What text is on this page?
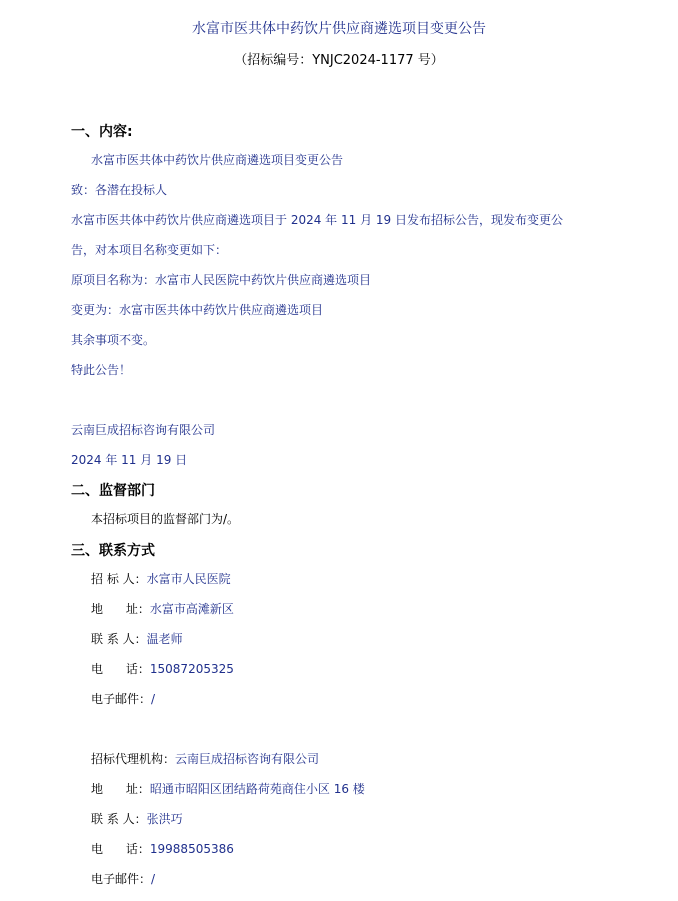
水富市医共体中药饮片供应商遴选项目变更公告
（招标编号：YNJC2024-1177 号）
一、内容:
水富市医共体中药饮片供应商遴选项目变更公告
致：各潜在投标人
水富市医共体中药饮片供应商遴选项目于 2024 年 11 月 19 日发布招标公告，现发布变更公
告，对本项目名称变更如下：
原项目名称为：水富市人民医院中药饮片供应商遴选项目
变更为：水富市医共体中药饮片供应商遴选项目
其余事项不变。
特此公告！
云南巨成招标咨询有限公司
2024 年 11 月 19 日
二、监督部门
本招标项目的监督部门为/。
三、联系方式
招 标 人：水富市人民医院
地      址：水富市高滩新区
联 系 人：温老师
电      话：15087205325
电子邮件：/
招标代理机构：云南巨成招标咨询有限公司
地      址：昭通市昭阳区团结路荷苑商住小区 16 楼
联 系 人：张洪巧
电      话：19988505386
电子邮件：/
